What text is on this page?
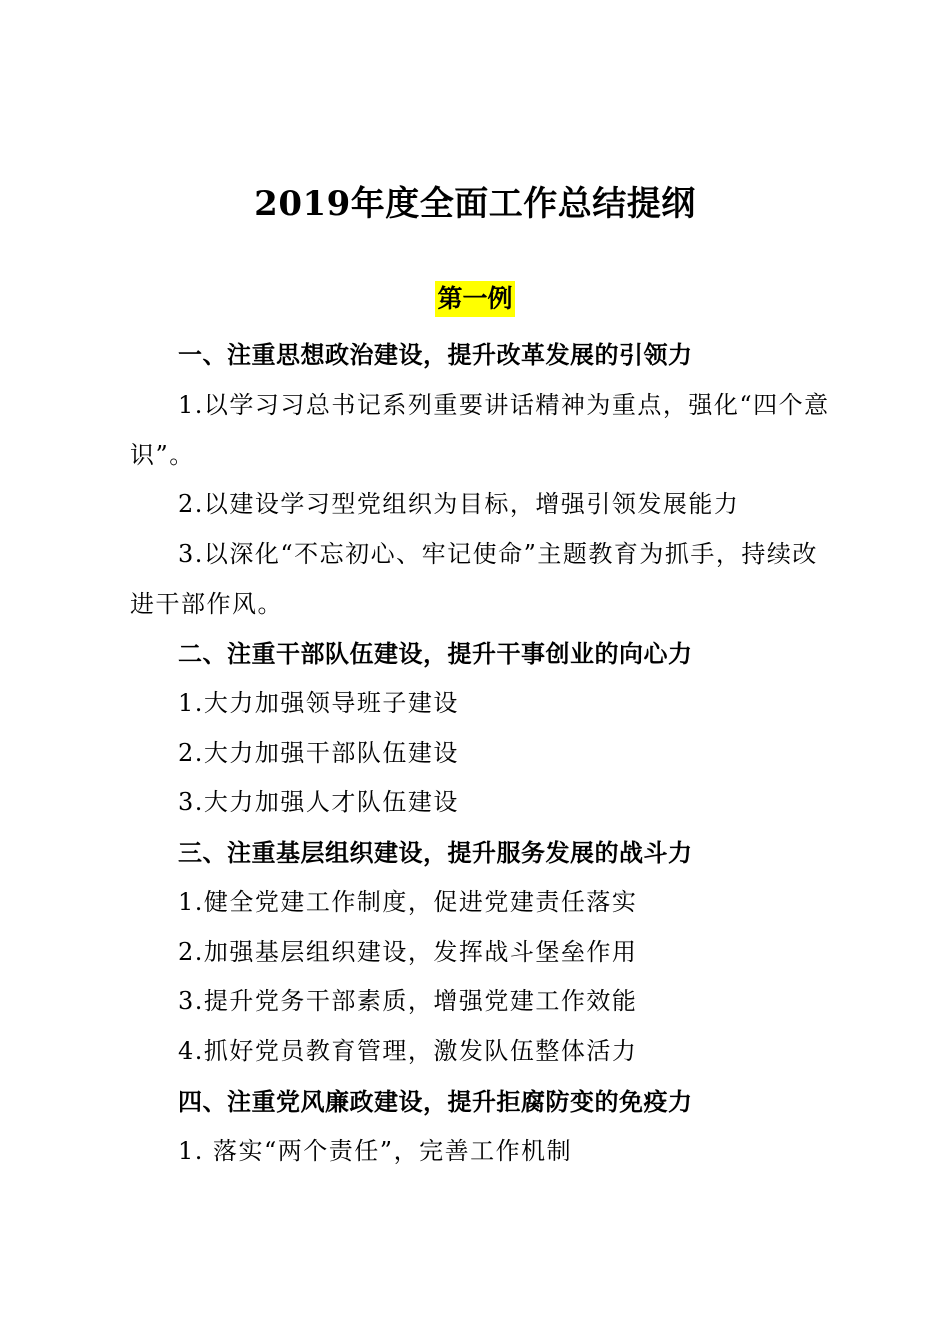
2019年度全面工作总结提纲
第一例
一、注重思想政治建设，提升改革发展的引领力
1.以学习习总书记系列重要讲话精神为重点，强化“四个意
识”。
2.以建设学习型党组织为目标，增强引领发展能力
3.以深化“不忘初心、牢记使命”主题教育为抓手，持续改
进干部作风。
二、注重干部队伍建设，提升干事创业的向心力
1.大力加强领导班子建设
2.大力加强干部队伍建设
3.大力加强人才队伍建设
三、注重基层组织建设，提升服务发展的战斗力
1.健全党建工作制度，促进党建责任落实
2.加强基层组织建设，发挥战斗堡垒作用
3.提升党务干部素质，增强党建工作效能
4.抓好党员教育管理，激发队伍整体活力
四、注重党风廉政建设，提升拒腐防变的免疫力
1. 落实“两个责任”，完善工作机制
